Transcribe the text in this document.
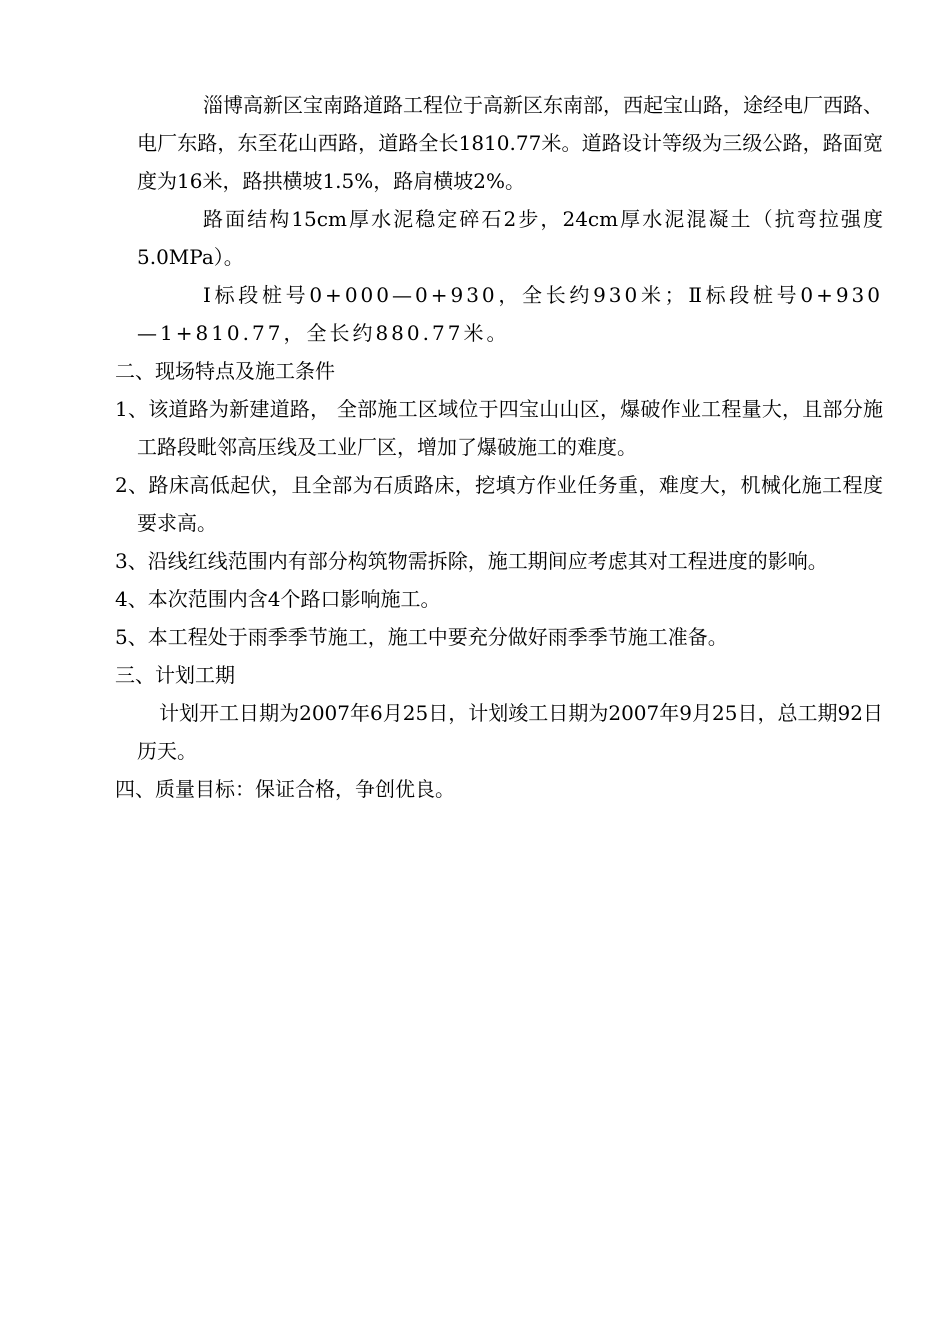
淄博高新区宝南路道路工程位于高新区东南部，西起宝山路，途经电厂西路、电厂东路，东至花山西路，道路全长1810.77米。道路设计等级为三级公路，路面宽度为16米，路拱横坡1.5%，路肩横坡2%。

路面结构15cm厚水泥稳定碎石2步，24cm厚水泥混凝土（抗弯拉强度5.0MPa）。

Ⅰ标段桩号0+000—0+930，全长约930米；Ⅱ标段桩号0+930—1+810.77，全长约880.77米。

二、现场特点及施工条件

1、该道路为新建道路， 全部施工区域位于四宝山山区，爆破作业工程量大，且部分施工路段毗邻高压线及工业厂区，增加了爆破施工的难度。

2、路床高低起伏，且全部为石质路床，挖填方作业任务重，难度大，机械化施工程度要求高。

3、沿线红线范围内有部分构筑物需拆除，施工期间应考虑其对工程进度的影响。

4、本次范围内含4个路口影响施工。

5、本工程处于雨季季节施工，施工中要充分做好雨季季节施工准备。

三、计划工期

计划开工日期为2007年6月25日，计划竣工日期为2007年9月25日，总工期92日历天。

四、质量目标：保证合格，争创优良。
